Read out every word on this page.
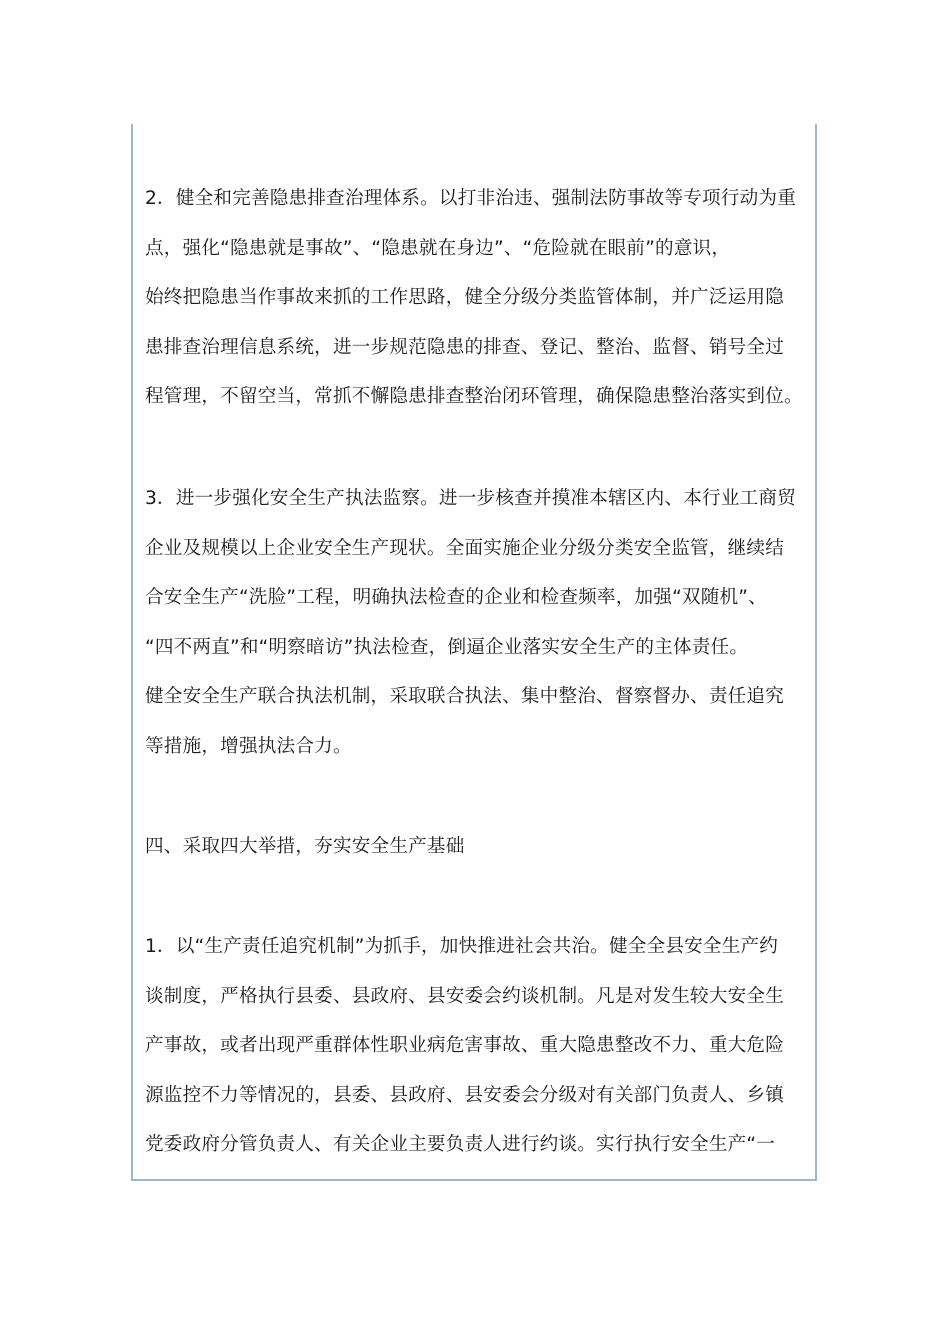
2．健全和完善隐患排查治理体系。以打非治违、强制法防事故等专项行动为重
点，强化“隐患就是事故”、“隐患就在身边”、“危险就在眼前”的意识，
始终把隐患当作事故来抓的工作思路，健全分级分类监管体制，并广泛运用隐
患排查治理信息系统，进一步规范隐患的排查、登记、整治、监督、销号全过
程管理，不留空当，常抓不懈隐患排查整治闭环管理，确保隐患整治落实到位。
3．进一步强化安全生产执法监察。进一步核查并摸准本辖区内、本行业工商贸
企业及规模以上企业安全生产现状。全面实施企业分级分类安全监管，继续结
合安全生产“洗脸”工程，明确执法检查的企业和检查频率，加强“双随机”、
“四不两直”和“明察暗访”执法检查，倒逼企业落实安全生产的主体责任。
健全安全生产联合执法机制，采取联合执法、集中整治、督察督办、责任追究
等措施，增强执法合力。
四、采取四大举措，夯实安全生产基础
1．以“生产责任追究机制”为抓手，加快推进社会共治。健全全县安全生产约
谈制度，严格执行县委、县政府、县安委会约谈机制。凡是对发生较大安全生
产事故，或者出现严重群体性职业病危害事故、重大隐患整改不力、重大危险
源监控不力等情况的，县委、县政府、县安委会分级对有关部门负责人、乡镇
党委政府分管负责人、有关企业主要负责人进行约谈。实行执行安全生产“一
